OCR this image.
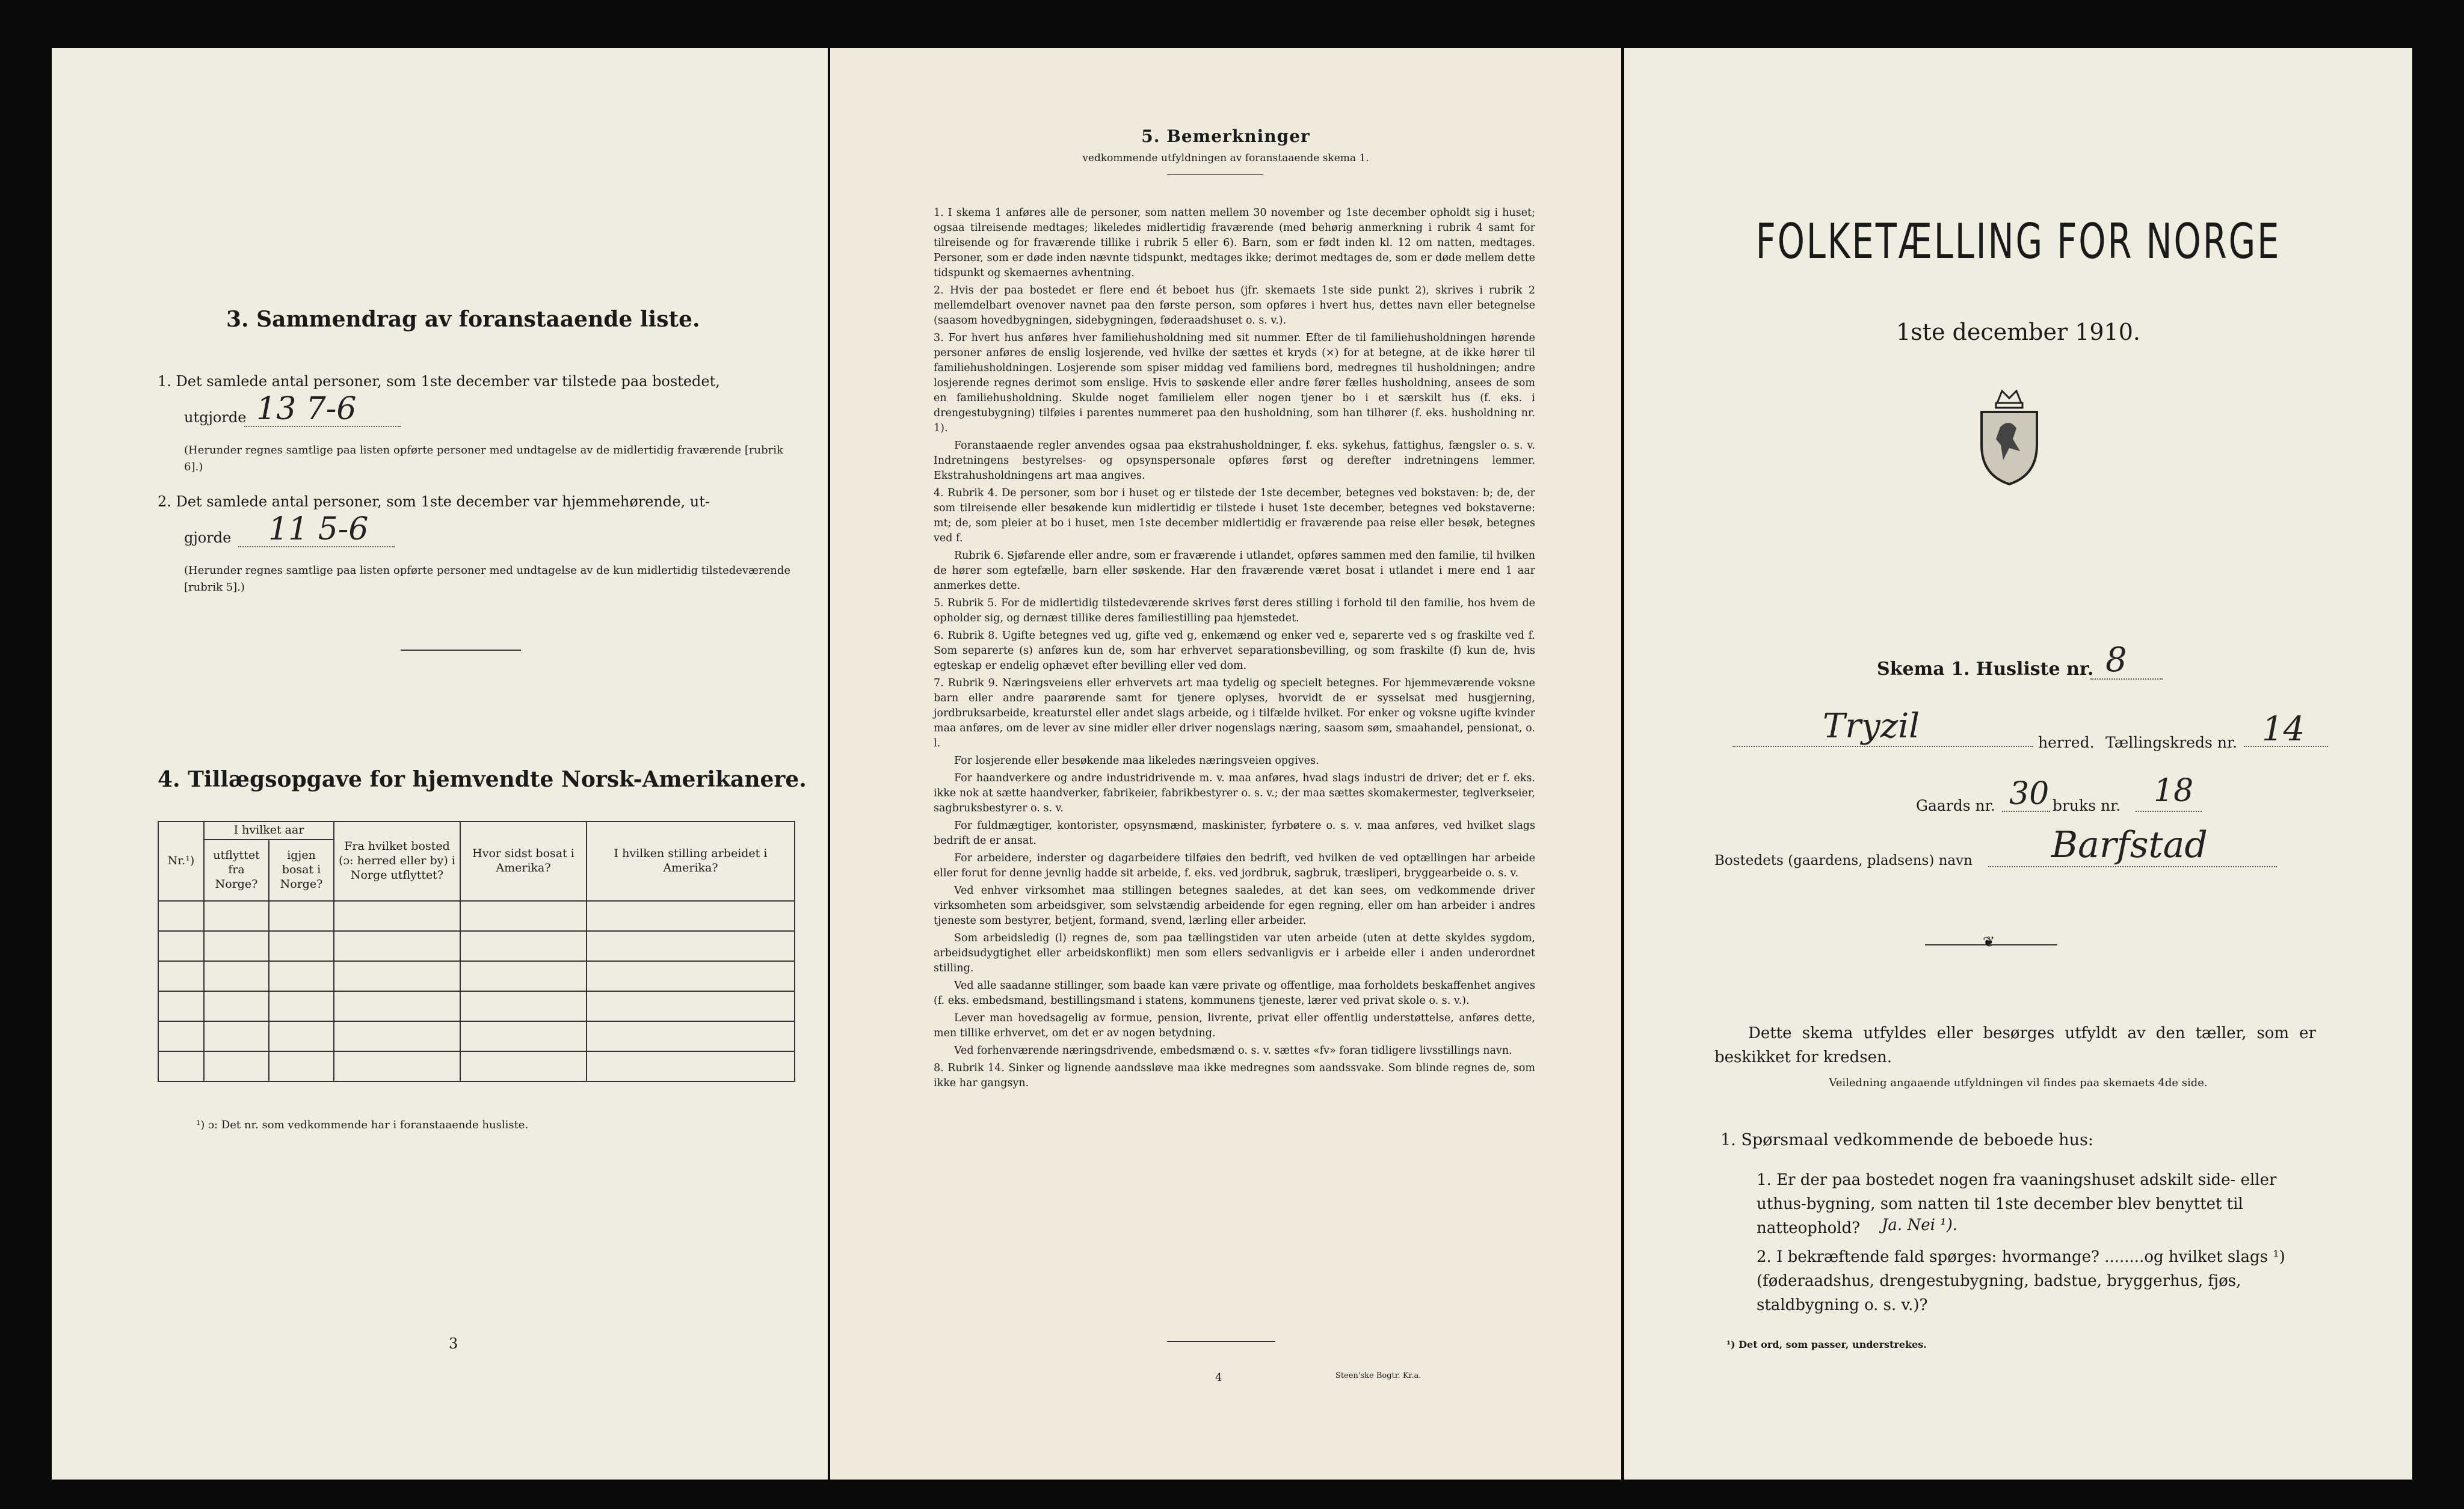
3. Sammendrag av foranstaaende liste.
1. Det samlede antal personer, som 1ste december var tilstede paa bostedet,
utgjorde 13 7-6
(Herunder regnes samtlige paa listen opførte personer med undtagelse av de midlertidig fraværende [rubrik 6].)
2. Det samlede antal personer, som 1ste december var hjemmehørende, ut-
gjorde 11 5-6
(Herunder regnes samtlige paa listen opførte personer med undtagelse av de kun midlertidig tilstedeværende [rubrik 5].)
4. Tillægsopgave for hjemvendte Norsk-Amerikanere.
Nr.¹)	I hvilket aar		Fra hvilket bosted (ɔ: herred eller by) i Norge utflyttet?	Hvor sidst bosat i Amerika?	I hvilken stilling arbeidet i Amerika?
	utflyttet fra Norge?	igjen bosat i Norge?			

¹) ɔ: Det nr. som vedkommende har i foranstaaende husliste.
3
5. Bemerkninger
vedkommende utfyldningen av foranstaaende skema 1.

1. I skema 1 anføres alle de personer, som natten mellem 30 november og 1ste december opholdt sig i huset; ogsaa tilreisende medtages; likeledes midlertidig fraværende (med behørig anmerkning i rubrik 4 samt for tilreisende og for fraværende tillike i rubrik 5 eller 6). Barn, som er født inden kl. 12 om natten, medtages. Personer, som er døde inden nævnte tidspunkt, medtages ikke; derimot medtages de, som er døde mellem dette tidspunkt og skemaernes avhentning.

2. Hvis der paa bostedet er flere end ét beboet hus (jfr. skemaets 1ste side punkt 2), skrives i rubrik 2 mellemdelbart ovenover navnet paa den første person, som opføres i hvert hus, dettes navn eller betegnelse (saasom hovedbygningen, sidebygningen, føderaadshuset o. s. v.).

3. For hvert hus anføres hver familiehusholdning med sit nummer. Efter de til familiehusholdningen hørende personer anføres de enslig losjerende, ved hvilke der sættes et kryds (×) for at betegne, at de ikke hører til familiehusholdningen. Losjerende som spiser middag ved familiens bord, medregnes til husholdningen; andre losjerende regnes derimot som enslige. Hvis to søskende eller andre fører fælles husholdning, ansees de som en familiehusholdning. Skulde noget familielem eller nogen tjener bo i et særskilt hus (f. eks. i drengestubygning) tilføies i parentes nummeret paa den husholdning, som han tilhører (f. eks. husholdning nr. 1).

Foranstaaende regler anvendes ogsaa paa ekstrahusholdninger, f. eks. sykehus, fattighus, fængsler o. s. v. Indretningens bestyrelses- og opsynspersonale opføres først og derefter indretningens lemmer. Ekstrahusholdningens art maa angives.

4. Rubrik 4. De personer, som bor i huset og er tilstede der 1ste december, betegnes ved bokstaven: b; de, der som tilreisende eller besøkende kun midlertidig er tilstede i huset 1ste december, betegnes ved bokstaverne: mt; de, som pleier at bo i huset, men 1ste december midlertidig er fraværende paa reise eller besøk, betegnes ved f.

Rubrik 6. Sjøfarende eller andre, som er fraværende i utlandet, opføres sammen med den familie, til hvilken de hører som egtefælle, barn eller søskende. Har den fraværende været bosat i utlandet i mere end 1 aar anmerkes dette.

5. Rubrik 5. For de midlertidig tilstedeværende skrives først deres stilling i forhold til den familie, hos hvem de opholder sig, og dernæst tillike deres familiestilling paa hjemstedet.

6. Rubrik 8. Ugifte betegnes ved ug, gifte ved g, enkemænd og enker ved e, separerte ved s og fraskilte ved f. Som separerte (s) anføres kun de, som har erhvervet separationsbevilling, og som fraskilte (f) kun de, hvis egteskap er endelig ophævet efter bevilling eller ved dom.

7. Rubrik 9. Næringsveiens eller erhvervets art maa tydelig og specielt betegnes. For hjemmeværende voksne barn eller andre paarørende samt for tjenere oplyses, hvorvidt de er sysselsat med husgjerning, jordbruksarbeide, kreaturstel eller andet slags arbeide, og i tilfælde hvilket. For enker og voksne ugifte kvinder maa anføres, om de lever av sine midler eller driver nogenslags næring, saasom søm, smaahandel, pensionat, o. l.

For losjerende eller besøkende maa likeledes næringsveien opgives.

For haandverkere og andre industridrivende m. v. maa anføres, hvad slags industri de driver; det er f. eks. ikke nok at sætte haandverker, fabrikeier, fabrikbestyrer o. s. v.; der maa sættes skomakermester, teglverkseier, sagbruksbestyrer o. s. v.

For fuldmægtiger, kontorister, opsynsmænd, maskinister, fyrbøtere o. s. v. maa anføres, ved hvilket slags bedrift de er ansat.

For arbeidere, inderster og dagarbeidere tilføies den bedrift, ved hvilken de ved optællingen har arbeide eller forut for denne jevnlig hadde sit arbeide, f. eks. ved jordbruk, sagbruk, træsliperi, bryggearbeide o. s. v.

Ved enhver virksomhet maa stillingen betegnes saaledes, at det kan sees, om vedkommende driver virksomheten som arbeidsgiver, som selvstændig arbeidende for egen regning, eller om han arbeider i andres tjeneste som bestyrer, betjent, formand, svend, lærling eller arbeider.

Som arbeidsledig (l) regnes de, som paa tællingstiden var uten arbeide (uten at dette skyldes sygdom, arbeidsudygtighet eller arbeidskonflikt) men som ellers sedvanligvis er i arbeide eller i anden underordnet stilling.

Ved alle saadanne stillinger, som baade kan være private og offentlige, maa forholdets beskaffenhet angives (f. eks. embedsmand, bestillingsmand i statens, kommunens tjeneste, lærer ved privat skole o. s. v.).

Lever man hovedsagelig av formue, pension, livrente, privat eller offentlig understøttelse, anføres dette, men tillike erhvervet, om det er av nogen betydning.

Ved forhenværende næringsdrivende, embedsmænd o. s. v. sættes «fv» foran tidligere livsstillings navn.

8. Rubrik 14. Sinker og lignende aandssløve maa ikke medregnes som aandssvake. Som blinde regnes de, som ikke har gangsyn.

4	Steen'ske Bogtr. Kr.a.
FOLKETÆLLING FOR NORGE
1ste december 1910.
Skema 1. Husliste nr. 8
Tryzil	herred. Tællingskreds nr. 14
Gaards nr. 30 bruks nr. 18
Bostedets (gaardens, pladsens) navn Barfstad
❦
Dette skema utfyldes eller besørges utfyldt av den tæller, som er beskikket for kredsen.
Veiledning angaaende utfyldningen vil findes paa skemaets 4de side.
1. Spørsmaal vedkommende de beboede hus:
1. Er der paa bostedet nogen fra vaaningshuset adskilt side- eller uthus-bygning, som natten til 1ste december blev benyttet til natteophold?	Ja. Nei ¹).
2. I bekræftende fald spørges: hvormange? ........og hvilket slags ¹) (føderaadshus, drengestubygning, badstue, bryggerhus, fjøs, staldbygning o. s. v.)?
¹) Det ord, som passer, understrekes.
